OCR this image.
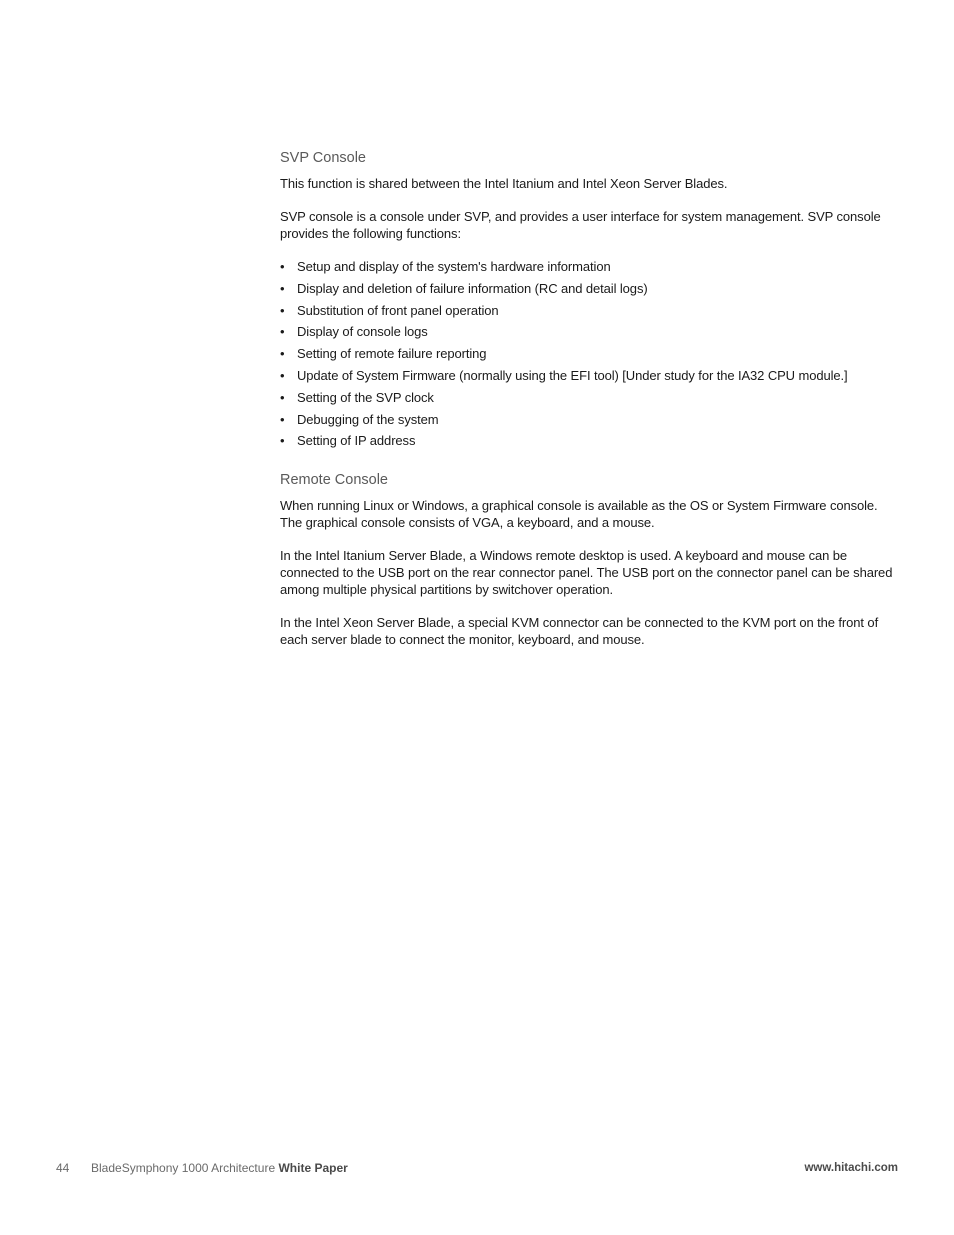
SVP Console

This function is shared between the Intel Itanium and Intel Xeon Server Blades.

SVP console is a console under SVP, and provides a user interface for system management. SVP console provides the following functions:

• Setup and display of the system's hardware information
• Display and deletion of failure information (RC and detail logs)
• Substitution of front panel operation
• Display of console logs
• Setting of remote failure reporting
• Update of System Firmware (normally using the EFI tool) [Under study for the IA32 CPU module.]
• Setting of the SVP clock
• Debugging of the system
• Setting of IP address
Remote Console

When running Linux or Windows, a graphical console is available as the OS or System Firmware console. The graphical console consists of VGA, a keyboard, and a mouse.

In the Intel Itanium Server Blade, a Windows remote desktop is used. A keyboard and mouse can be connected to the USB port on the rear connector panel. The USB port on the connector panel can be shared among multiple physical partitions by switchover operation.

In the Intel Xeon Server Blade, a special KVM connector can be connected to the KVM port on the front of each server blade to connect the monitor, keyboard, and mouse.

44 BladeSymphony 1000 Architecture White Paper	www.hitachi.com
